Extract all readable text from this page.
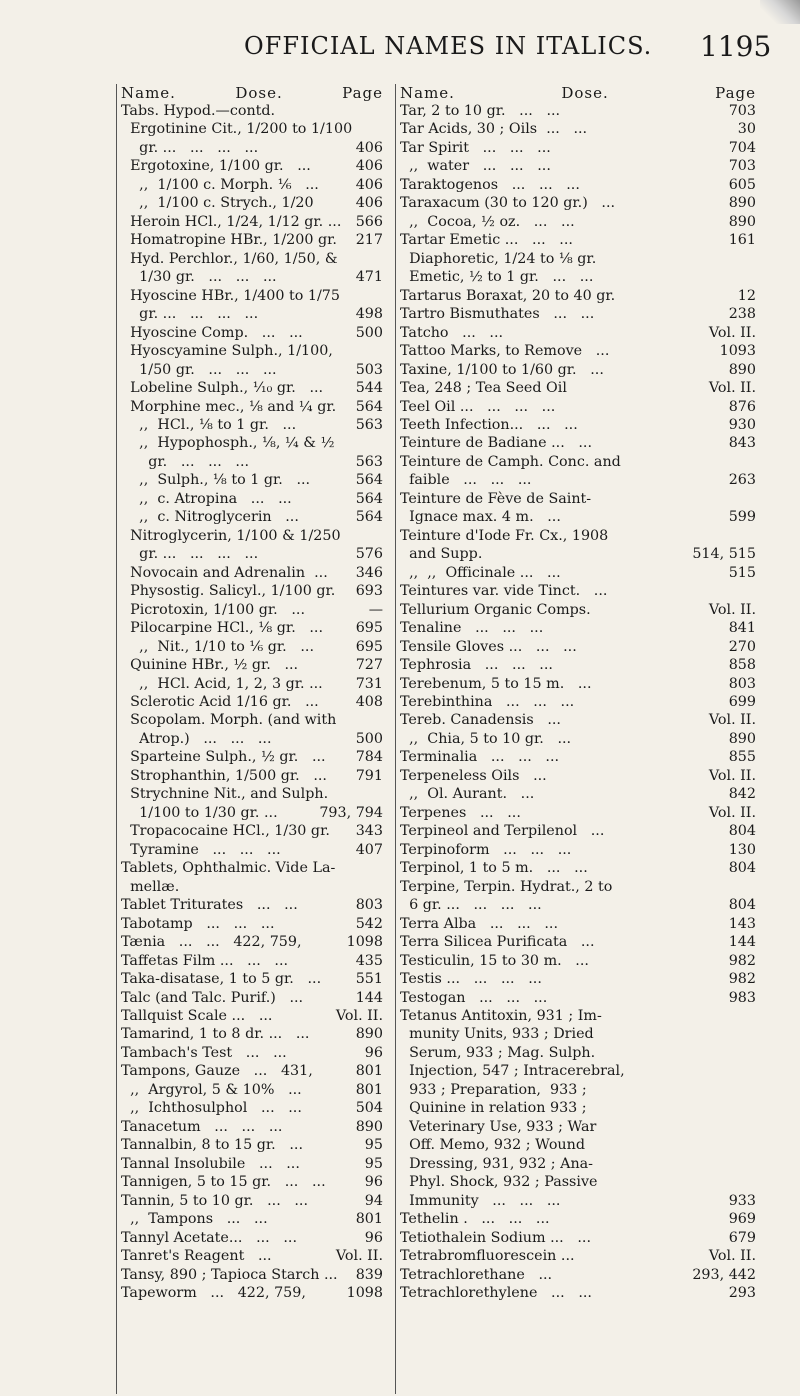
OFFICIAL NAMES IN ITALICS. 1195
Name.	Dose.	Page
Tabs. Hypod.—contd.
Ergotinine Cit., 1/200 to 1/100
gr. ...   ...   ...   ...	406
Ergotoxine, 1/100 gr.   ...	406
,,  1/100 c. Morph. ⅙   ...	406
,,  1/100 c. Strych., 1/20	406
Heroin HCl., 1/24, 1/12 gr. ...	566
Homatropine HBr., 1/200 gr.	217
Hyd. Perchlor., 1/60, 1/50, &
1/30 gr.   ...   ...   ...	471
Hyoscine HBr., 1/400 to 1/75
gr. ...   ...   ...   ...	498
Hyoscine Comp.   ...   ...	500
Hyoscyamine Sulph., 1/100,
1/50 gr.   ...   ...   ...	503
Lobeline Sulph., ⅒ gr.   ...	544
Morphine mec., ⅛ and ¼ gr.	564
,,  HCl., ⅛ to 1 gr.   ...	563
,,  Hypophosph., ⅛, ¼ & ½
gr.   ...   ...   ...	563
,,  Sulph., ⅛ to 1 gr.   ...	564
,,  c. Atropina   ...   ...	564
,,  c. Nitroglycerin   ...	564
Nitroglycerin, 1/100 & 1/250
gr. ...   ...   ...   ...	576
Novocain and Adrenalin  ...	346
Physostig. Salicyl., 1/100 gr.	693
Picrotoxin, 1/100 gr.   ...	—
Pilocarpine HCl., ⅛ gr.   ...	695
,,  Nit., 1/10 to ⅙ gr.   ...	695
Quinine HBr., ½ gr.   ...	727
,,  HCl. Acid, 1, 2, 3 gr. ...	731
Sclerotic Acid 1/16 gr.   ...	408
Scopolam. Morph. (and with
Atrop.)   ...   ...   ...	500
Sparteine Sulph., ½ gr.   ...	784
Strophanthin, 1/500 gr.   ...	791
Strychnine Nit., and Sulph.
1/100 to 1/30 gr. ...	793, 794
Tropacocaine HCl., 1/30 gr.	343
Tyramine   ...   ...   ...	407
Tablets, Ophthalmic. Vide La-
mellæ.
Tablet Triturates   ...   ...	803
Tabotamp   ...   ...   ...	542
Tænia   ...   ...   422, 759,	1098
Taffetas Film ...   ...   ...	435
Taka-disatase, 1 to 5 gr.   ...	551
Talc (and Talc. Purif.)   ...	144
Tallquist Scale ...   ...	Vol. II.
Tamarind, 1 to 8 dr. ...   ...	890
Tambach's Test   ...   ...	96
Tampons, Gauze   ...   431,	801
,,  Argyrol, 5 & 10%   ...	801
,,  Ichthosulphol   ...   ...	504
Tanacetum   ...   ...   ...	890
Tannalbin, 8 to 15 gr.   ...	95
Tannal Insolubile   ...   ...	95
Tannigen, 5 to 15 gr.   ...   ...	96
Tannin, 5 to 10 gr.   ...   ...	94
,,  Tampons   ...   ...	801
Tannyl Acetate...   ...   ...	96
Tanret's Reagent   ...	Vol. II.
Tansy, 890 ; Tapioca Starch ...	839
Tapeworm   ...   422, 759,	1098
Name.	Dose.	Page
Tar, 2 to 10 gr.   ...   ...	703
Tar Acids, 30 ; Oils  ...   ...	30
Tar Spirit   ...   ...   ...	704
,,  water   ...   ...   ...	703
Taraktogenos   ...   ...   ...	605
Taraxacum (30 to 120 gr.)   ...	890
,,  Cocoa, ½ oz.   ...   ...	890
Tartar Emetic ...   ...   ...	161
Diaphoretic, 1/24 to ⅛ gr.
Emetic, ½ to 1 gr.   ...   ...
Tartarus Boraxat, 20 to 40 gr.	12
Tartro Bismuthates   ...   ...	238
Tatcho   ...   ...	Vol. II.
Tattoo Marks, to Remove   ...	1093
Taxine, 1/100 to 1/60 gr.   ...	890
Tea, 248 ; Tea Seed Oil	Vol. II.
Teel Oil ...   ...   ...   ...	876
Teeth Infection...   ...   ...	930
Teinture de Badiane ...   ...	843
Teinture de Camph. Conc. and
faible   ...   ...   ...	263
Teinture de Fève de Saint-
Ignace max. 4 m.   ...	599
Teinture d'Iode Fr. Cx., 1908
and Supp.	514, 515
,,  ,,  Officinale ...   ...	515
Teintures var. vide Tinct.   ...
Tellurium Organic Comps.	Vol. II.
Tenaline   ...   ...   ...	841
Tensile Gloves ...   ...   ...	270
Tephrosia   ...   ...   ...	858
Terebenum, 5 to 15 m.   ...	803
Terebinthina   ...   ...   ...	699
Tereb. Canadensis   ...	Vol. II.
,,  Chia, 5 to 10 gr.   ...	890
Terminalia   ...   ...   ...	855
Terpeneless Oils   ...	Vol. II.
,,  Ol. Aurant.   ...	842
Terpenes   ...   ...	Vol. II.
Terpineol and Terpilenol   ...	804
Terpinoform   ...   ...   ...	130
Terpinol, 1 to 5 m.   ...   ...	804
Terpine, Terpin. Hydrat., 2 to
6 gr. ...   ...   ...   ...	804
Terra Alba   ...   ...   ...	143
Terra Silicea Purificata   ...	144
Testiculin, 15 to 30 m.   ...	982
Testis ...   ...   ...   ...	982
Testogan   ...   ...   ...	983
Tetanus Antitoxin, 931 ; Im-
munity Units, 933 ; Dried
Serum, 933 ; Mag. Sulph.
Injection, 547 ; Intracerebral,
933 ; Preparation,  933 ;
Quinine in relation 933 ;
Veterinary Use, 933 ; War
Off. Memo, 932 ; Wound
Dressing, 931, 932 ; Ana-
Phyl. Shock, 932 ; Passive
Immunity   ...   ...   ...	933
Tethelin .   ...   ...   ...	969
Tetiothalein Sodium ...   ...	679
Tetrabromfluorescein ...	Vol. II.
Tetrachlorethane   ...	293, 442
Tetrachlorethylene   ...   ...	293
